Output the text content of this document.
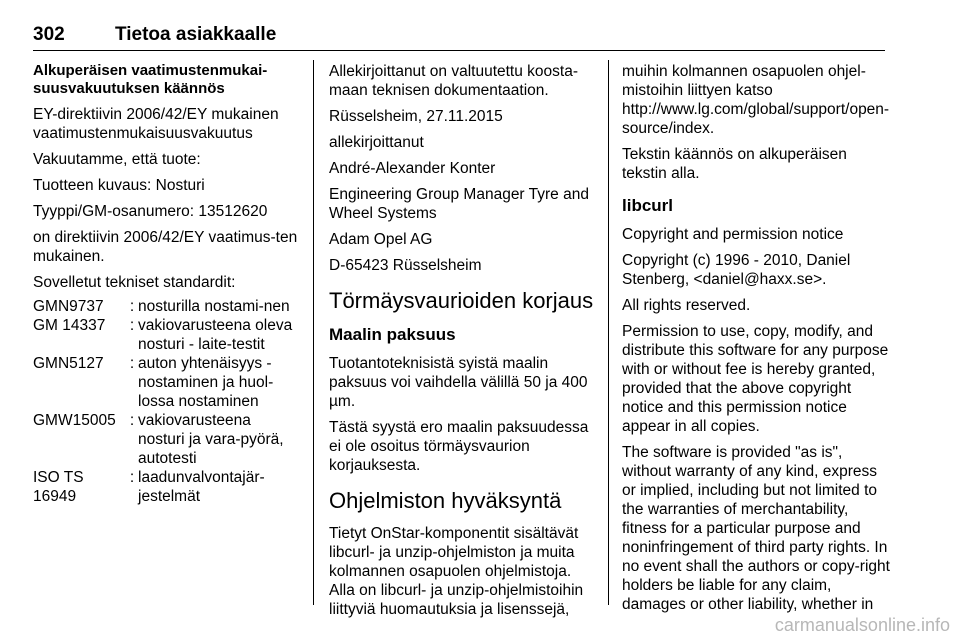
302	Tietoa asiakkaalle

Alkuperäisen vaatimustenmukai-
suusvakuutuksen käännös

EY-direktiivin 2006/42/EY mukainen vaatimustenmukaisuusvakuutus

Vakuutamme, että tuote:

Tuotteen kuvaus: Nosturi

Tyyppi/GM-osanumero: 13512620

on direktiivin 2006/42/EY vaatimus-ten mukainen.

Sovelletut tekniset standardit:

GMN9737	:	nosturilla nostami-nen
GM 14337	:	vakiovarusteena oleva nosturi - laite-testit
GMN5127	:	auton yhtenäisyys - nostaminen ja huol-lossa nostaminen
GMW15005	:	vakiovarusteena nosturi ja vara-pyörä, autotesti
ISO TS 16949	:	laadunvalvontajär-jestelmät

Allekirjoittanut on valtuutettu koosta-maan teknisen dokumentaation.

Rüsselsheim, 27.11.2015

allekirjoittanut

André-Alexander Konter

Engineering Group Manager Tyre and Wheel Systems

Adam Opel AG

D-65423 Rüsselsheim

Törmäysvaurioiden korjaus
Maalin paksuus

Tuotantoteknisistä syistä maalin paksuus voi vaihdella välillä 50 ja 400 µm.

Tästä syystä ero maalin paksuudessa ei ole osoitus törmäysvaurion korjauksesta.

Ohjelmiston hyväksyntä

Tietyt OnStar-komponentit sisältävät libcurl- ja unzip-ohjelmiston ja muita kolmannen osapuolen ohjelmistoja. Alla on libcurl- ja unzip-ohjelmistoihin liittyviä huomautuksia ja lisenssejä,

muihin kolmannen osapuolen ohjel-mistoihin liittyen katso http://www.lg.com/global/support/open-source/index.

Tekstin käännös on alkuperäisen tekstin alla.

libcurl

Copyright and permission notice

Copyright (c) 1996 - 2010, Daniel Stenberg, <daniel@haxx.se>.

All rights reserved.

Permission to use, copy, modify, and distribute this software for any purpose with or without fee is hereby granted, provided that the above copyright notice and this permission notice appear in all copies.

The software is provided "as is", without warranty of any kind, express or implied, including but not limited to the warranties of merchantability, fitness for a particular purpose and noninfringement of third party rights. In no event shall the authors or copy-right holders be liable for any claim, damages or other liability, whether in

carmanualsonline.info
